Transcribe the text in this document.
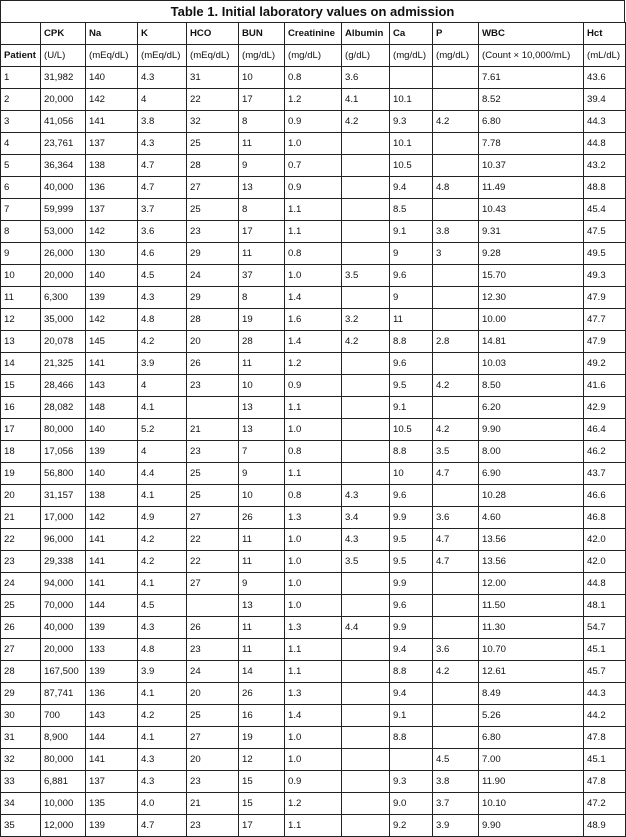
Table 1. Initial laboratory values on admission
	CPK	Na	K	HCO	BUN	Creatinine	Albumin	Ca	P	WBC	Hct
Patient	(U/L)	(mEq/dL)	(mEq/dL)	(mEq/dL)	(mg/dL)	(mg/dL)	(g/dL)	(mg/dL)	(mg/dL)	(Count × 10,000/mL)	(mL/dL)
1	31,982	140	4.3	31	10	0.8	3.6			7.61	43.6
2	20,000	142	4	22	17	1.2	4.1	10.1		8.52	39.4
3	41,056	141	3.8	32	8	0.9	4.2	9.3	4.2	6.80	44.3
4	23,761	137	4.3	25	11	1.0		10.1		7.78	44.8
5	36,364	138	4.7	28	9	0.7		10.5		10.37	43.2
6	40,000	136	4.7	27	13	0.9		9.4	4.8	11.49	48.8
7	59,999	137	3.7	25	8	1.1		8.5		10.43	45.4
8	53,000	142	3.6	23	17	1.1		9.1	3.8	9.31	47.5
9	26,000	130	4.6	29	11	0.8		9	3	9.28	49.5
10	20,000	140	4.5	24	37	1.0	3.5	9.6		15.70	49.3
11	6,300	139	4.3	29	8	1.4		9		12.30	47.9
12	35,000	142	4.8	28	19	1.6	3.2	11		10.00	47.7
13	20,078	145	4.2	20	28	1.4	4.2	8.8	2.8	14.81	47.9
14	21,325	141	3.9	26	11	1.2		9.6		10.03	49.2
15	28,466	143	4	23	10	0.9		9.5	4.2	8.50	41.6
16	28,082	148	4.1		13	1.1		9.1		6.20	42.9
17	80,000	140	5.2	21	13	1.0		10.5	4.2	9.90	46.4
18	17,056	139	4	23	7	0.8		8.8	3.5	8.00	46.2
19	56,800	140	4.4	25	9	1.1		10	4.7	6.90	43.7
20	31,157	138	4.1	25	10	0.8	4.3	9.6		10.28	46.6
21	17,000	142	4.9	27	26	1.3	3.4	9.9	3.6	4.60	46.8
22	96,000	141	4.2	22	11	1.0	4.3	9.5	4.7	13.56	42.0
23	29,338	141	4.2	22	11	1.0	3.5	9.5	4.7	13.56	42.0
24	94,000	141	4.1	27	9	1.0		9.9		12.00	44.8
25	70,000	144	4.5		13	1.0		9.6		11.50	48.1
26	40,000	139	4.3	26	11	1.3	4.4	9.9		11.30	54.7
27	20,000	133	4.8	23	11	1.1		9.4	3.6	10.70	45.1
28	167,500	139	3.9	24	14	1.1		8.8	4.2	12.61	45.7
29	87,741	136	4.1	20	26	1.3		9.4		8.49	44.3
30	700	143	4.2	25	16	1.4		9.1		5.26	44.2
31	8,900	144	4.1	27	19	1.0		8.8		6.80	47.8
32	80,000	141	4.3	20	12	1.0			4.5	7.00	45.1
33	6,881	137	4.3	23	15	0.9		9.3	3.8	11.90	47.8
34	10,000	135	4.0	21	15	1.2		9.0	3.7	10.10	47.2
35	12,000	139	4.7	23	17	1.1		9.2	3.9	9.90	48.9
